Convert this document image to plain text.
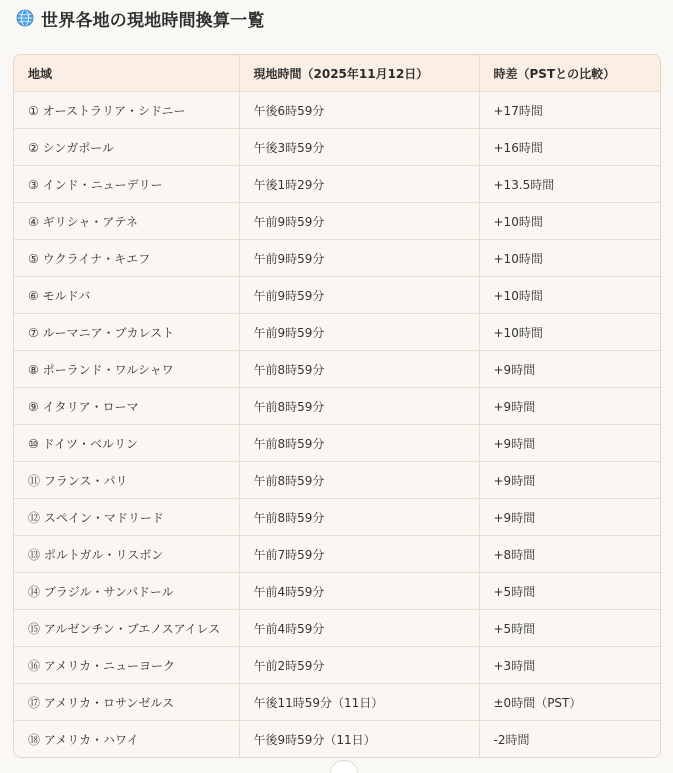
世界各地の現地時間換算一覧
地域	現地時間（2025年11月12日）	時差（PSTとの比較）
① オーストラリア・シドニー	午後6時59分	+17時間
② シンガポール	午後3時59分	+16時間
③ インド・ニューデリー	午後1時29分	+13.5時間
④ ギリシャ・アテネ	午前9時59分	+10時間
⑤ ウクライナ・キエフ	午前9時59分	+10時間
⑥ モルドバ	午前9時59分	+10時間
⑦ ルーマニア・ブカレスト	午前9時59分	+10時間
⑧ ポーランド・ワルシャワ	午前8時59分	+9時間
⑨ イタリア・ローマ	午前8時59分	+9時間
⑩ ドイツ・ベルリン	午前8時59分	+9時間
⑪ フランス・パリ	午前8時59分	+9時間
⑫ スペイン・マドリード	午前8時59分	+9時間
⑬ ポルトガル・リスボン	午前7時59分	+8時間
⑭ ブラジル・サンパドール	午前4時59分	+5時間
⑮ アルゼンチン・ブエノスアイレス	午前4時59分	+5時間
⑯ アメリカ・ニューヨーク	午前2時59分	+3時間
⑰ アメリカ・ロサンゼルス	午後11時59分（11日）	±0時間（PST）
⑱ アメリカ・ハワイ	午後9時59分（11日）	-2時間
